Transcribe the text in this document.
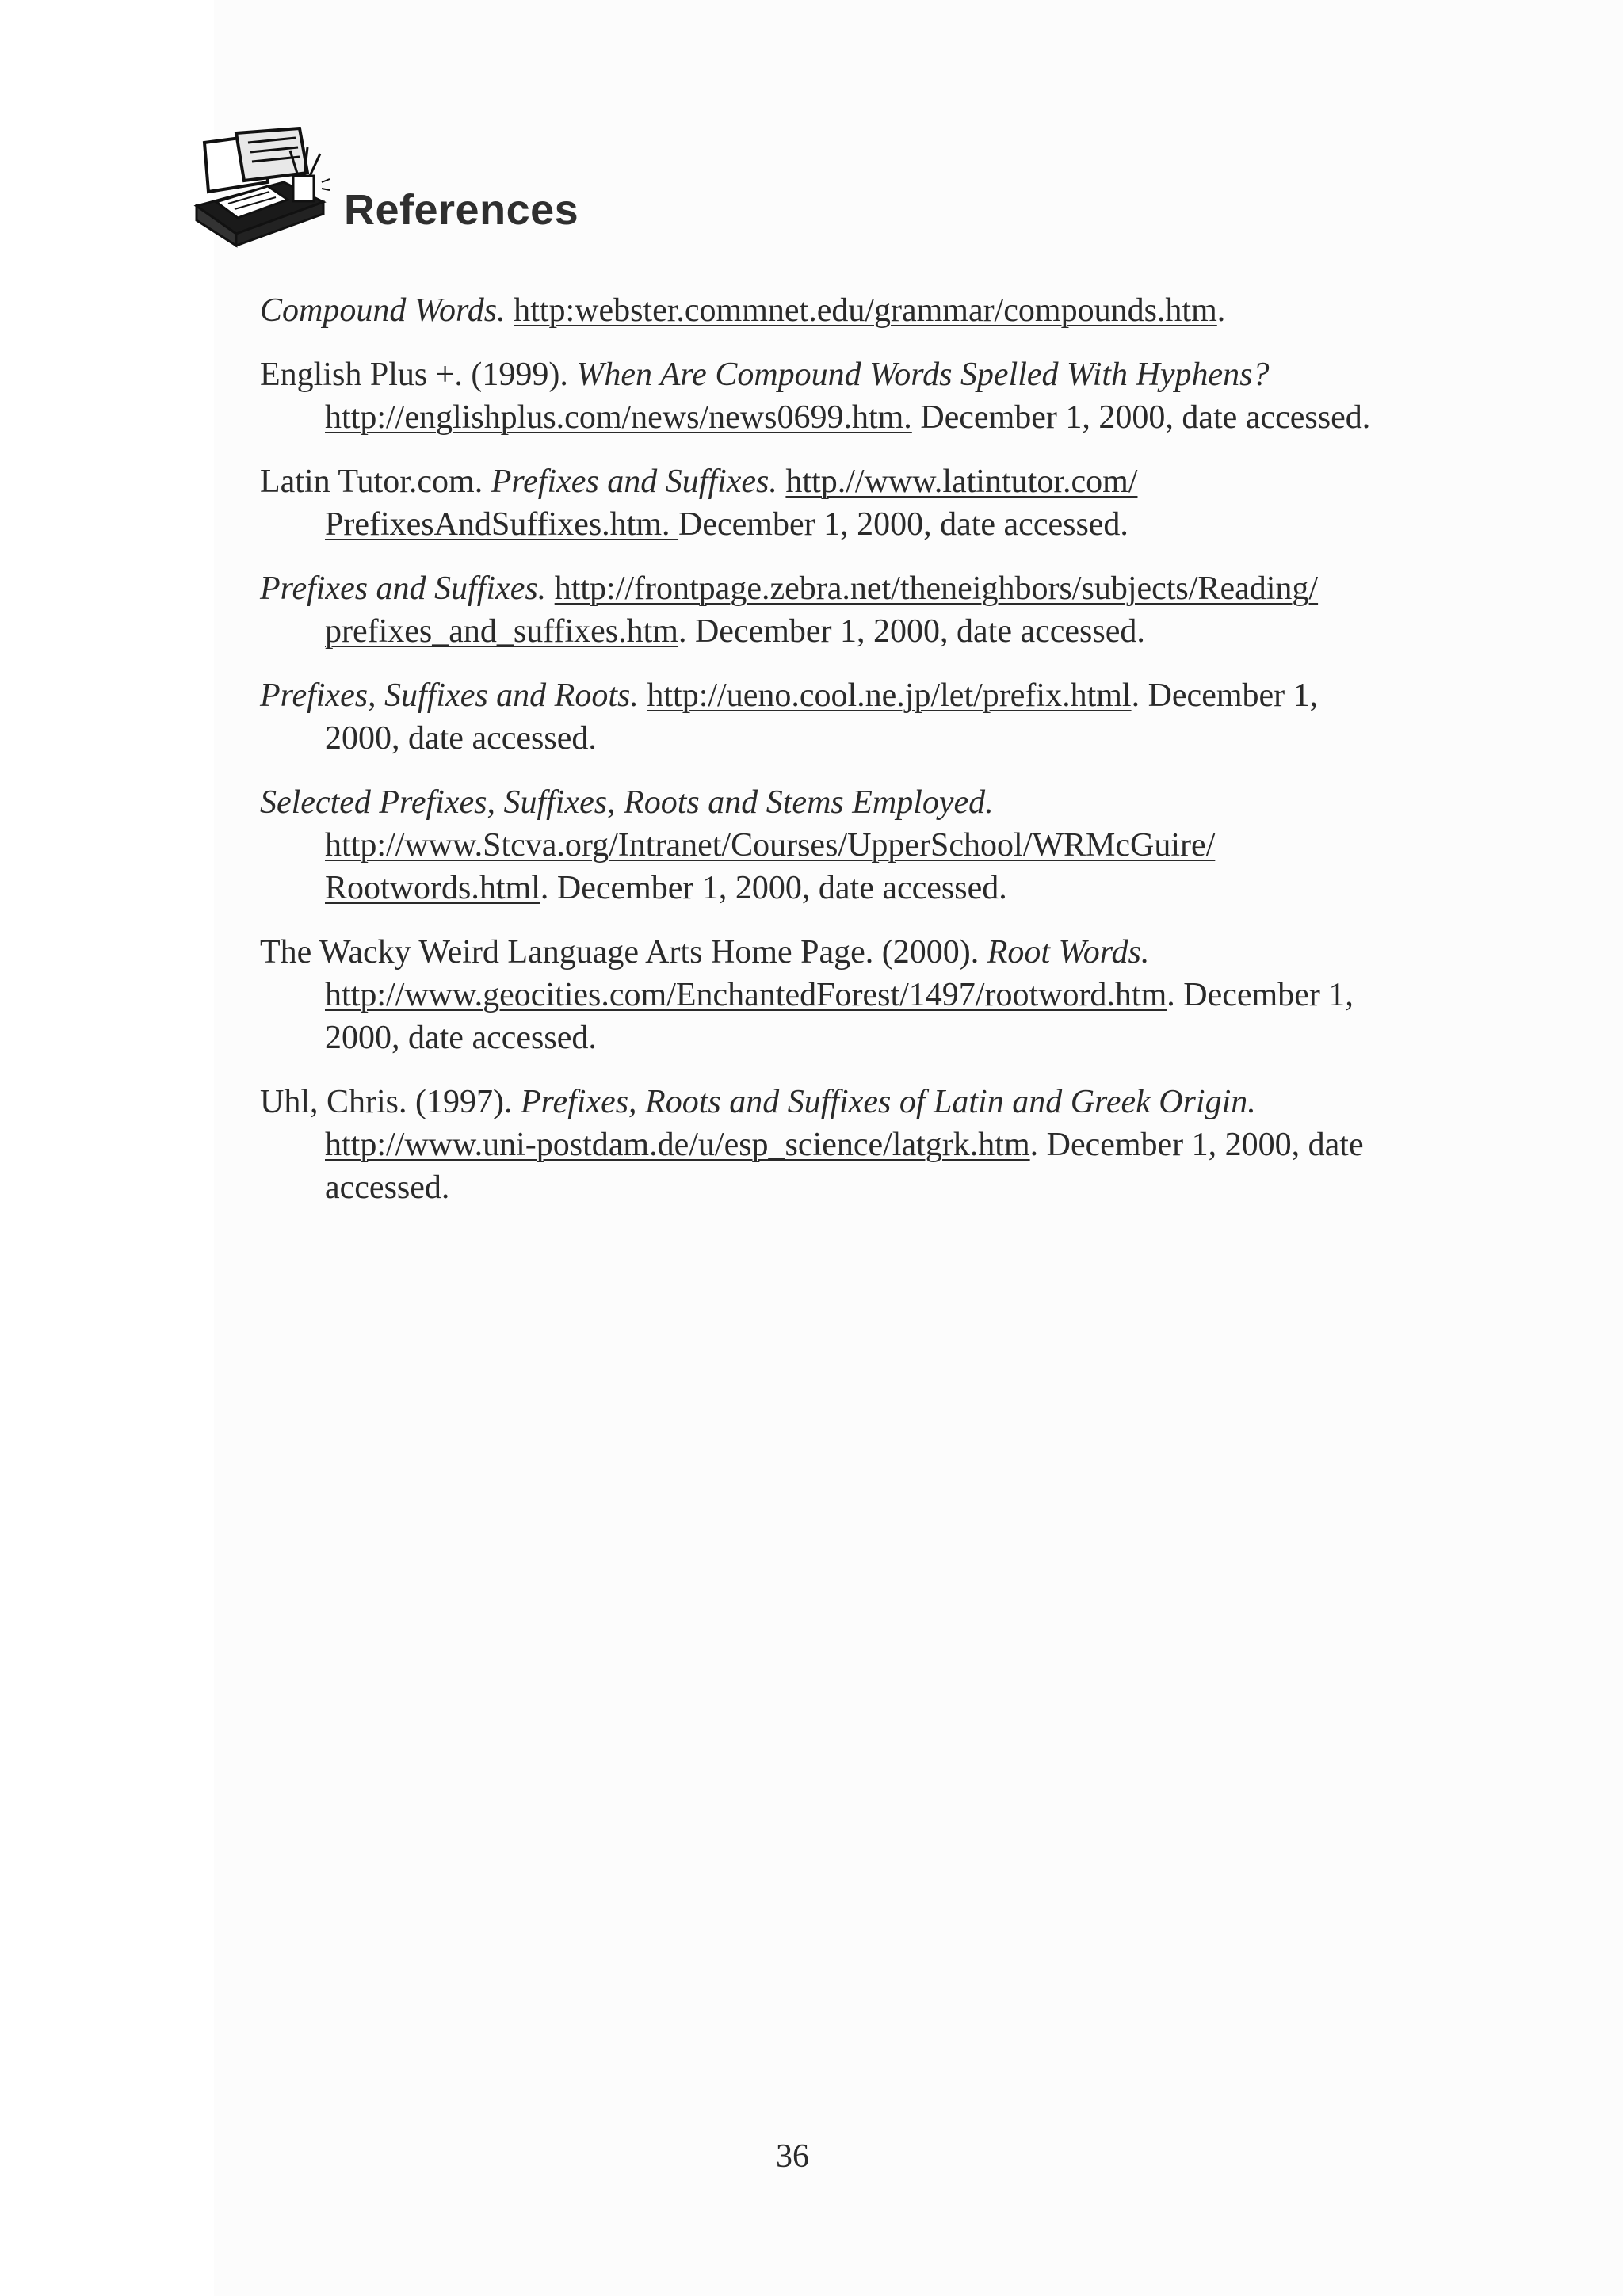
References

Compound Words. http:webster.commnet.edu/grammar/compounds.htm.

English Plus +. (1999). When Are Compound Words Spelled With Hyphens? http://englishplus.com/news/news0699.htm. December 1, 2000, date accessed.

Latin Tutor.com. Prefixes and Suffixes. http.//www.latintutor.com/ PrefixesAndSuffixes.htm. December 1, 2000, date accessed.

Prefixes and Suffixes. http://frontpage.zebra.net/theneighbors/subjects/Reading/ prefixes_and_suffixes.htm. December 1, 2000, date accessed.

Prefixes, Suffixes and Roots. http://ueno.cool.ne.jp/let/prefix.html. December 1, 2000, date accessed.

Selected Prefixes, Suffixes, Roots and Stems Employed. http://www.Stcva.org/Intranet/Courses/UpperSchool/WRMcGuire/ Rootwords.html. December 1, 2000, date accessed.

The Wacky Weird Language Arts Home Page. (2000). Root Words. http://www.geocities.com/EnchantedForest/1497/rootword.htm. December 1, 2000, date accessed.

Uhl, Chris. (1997). Prefixes, Roots and Suffixes of Latin and Greek Origin. http://www.uni-postdam.de/u/esp_science/latgrk.htm. December 1, 2000, date accessed.

36
